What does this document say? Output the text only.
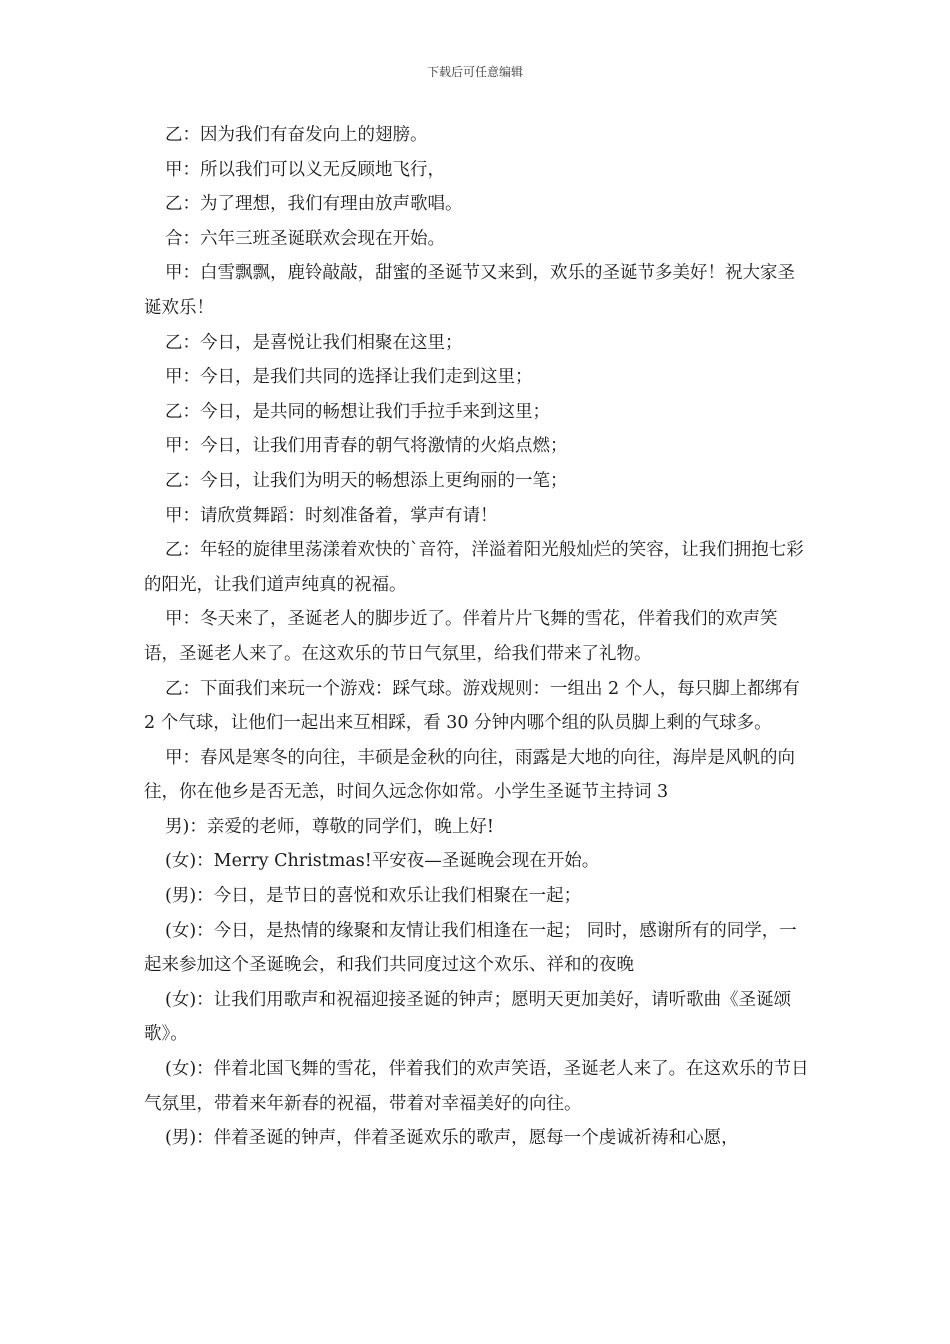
下载后可任意编辑

乙：因为我们有奋发向上的翅膀。

甲：所以我们可以义无反顾地飞行，

乙：为了理想，我们有理由放声歌唱。

合：六年三班圣诞联欢会现在开始。

甲：白雪飘飘，鹿铃敲敲，甜蜜的圣诞节又来到，欢乐的圣诞节多美好！祝大家圣诞欢乐！

乙：今日，是喜悦让我们相聚在这里；

甲：今日，是我们共同的选择让我们走到这里；

乙：今日，是共同的畅想让我们手拉手来到这里；

甲：今日，让我们用青春的朝气将激情的火焰点燃；

乙：今日，让我们为明天的畅想添上更绚丽的一笔；

甲：请欣赏舞蹈：时刻准备着，掌声有请！

乙：年轻的旋律里荡漾着欢快的`音符，洋溢着阳光般灿烂的笑容，让我们拥抱七彩的阳光，让我们道声纯真的祝福。

甲：冬天来了，圣诞老人的脚步近了。伴着片片飞舞的雪花，伴着我们的欢声笑语，圣诞老人来了。在这欢乐的节日气氛里，给我们带来了礼物。

乙：下面我们来玩一个游戏：踩气球。游戏规则：一组出 2 个人，每只脚上都绑有 2 个气球，让他们一起出来互相踩，看 30 分钟内哪个组的队员脚上剩的气球多。

甲：春风是寒冬的向往，丰硕是金秋的向往，雨露是大地的向往，海岸是风帆的向往，你在他乡是否无恙，时间久远念你如常。小学生圣诞节主持词 3

男)：亲爱的老师，尊敬的同学们，晚上好!

(女)：Merry Christmas!平安夜—圣诞晚会现在开始。

(男)：今日，是节日的喜悦和欢乐让我们相聚在一起；

(女)：今日，是热情的缘聚和友情让我们相逢在一起； 同时，感谢所有的同学，一起来参加这个圣诞晚会，和我们共同度过这个欢乐、祥和的夜晚

(女)：让我们用歌声和祝福迎接圣诞的钟声；愿明天更加美好，请听歌曲《圣诞颂歌》。

(女)：伴着北国飞舞的雪花，伴着我们的欢声笑语，圣诞老人来了。在这欢乐的节日气氛里，带着来年新春的祝福，带着对幸福美好的向往。

(男)：伴着圣诞的钟声，伴着圣诞欢乐的歌声，愿每一个虔诚祈祷和心愿，
